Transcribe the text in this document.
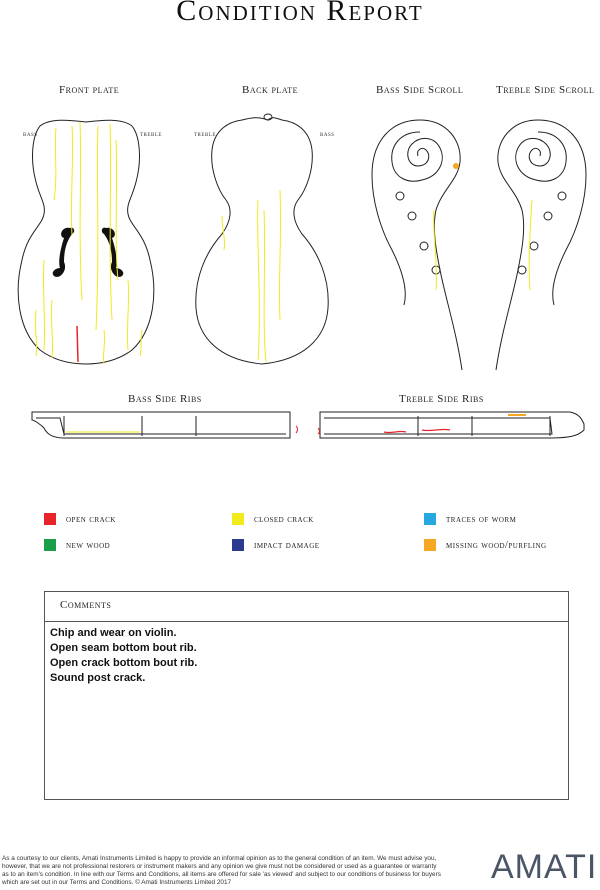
Condition Report
Front plate	Back plate	Bass Side Scroll	Treble Side Scroll
Bass Side Ribs	Treble Side Ribs
bass	treble	treble	bass
open crack	closed crack	traces of worm
new wood	impact damage	missing wood/purfling
Comments
Chip and wear on violin.
Open seam bottom bout rib.
Open crack bottom bout rib.
Sound post crack.
As a courtesy to our clients, Amati Instruments Limited is happy to provide an informal opinion as to the general condition of an item. We must advise you, however, that we are not professional restorers or instrument makers and any opinion we give must not be considered or used as a guarantee or warranty as to an item's condition. In line with our Terms and Conditions, all items are offered for sale 'as viewed' and subject to our conditions of business for buyers which are set out in our Terms and Conditions. © Amati Instruments Limited 2017	AMATI
